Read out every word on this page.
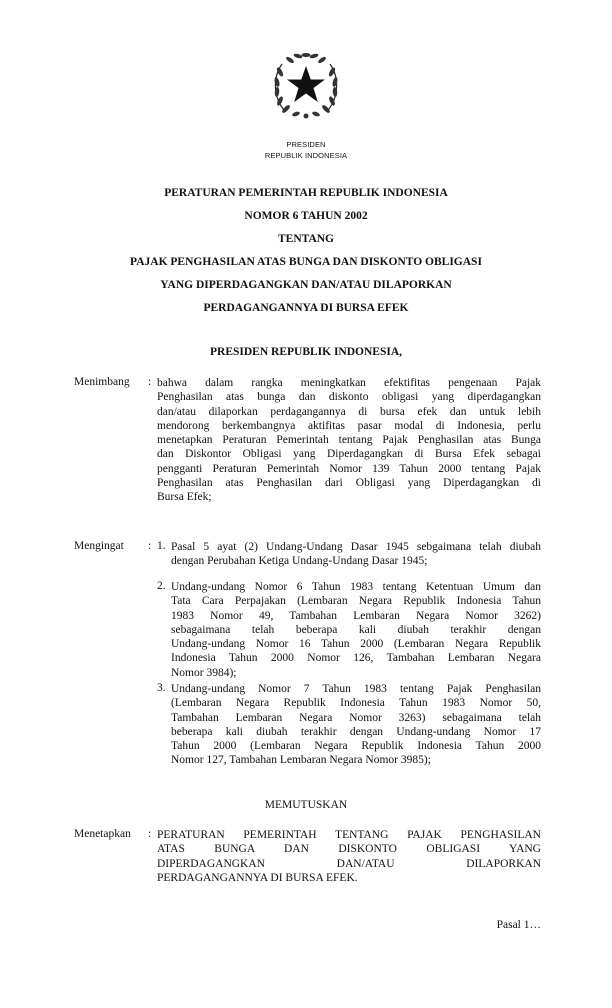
PRESIDEN
REPUBLIK INDONESIA
PERATURAN PEMERINTAH REPUBLIK INDONESIA
NOMOR 6 TAHUN 2002
TENTANG
PAJAK PENGHASILAN ATAS BUNGA DAN DISKONTO OBLIGASI
YANG DIPERDAGANGKAN DAN/ATAU DILAPORKAN
PERDAGANGANNYA DI BURSA EFEK
PRESIDEN REPUBLIK INDONESIA,
Menimbang : bahwa dalam rangka meningkatkan efektifitas pengenaan Pajak
Penghasilan atas bunga dan diskonto obligasi yang diperdagangkan
dan/atau dilaporkan perdagangannya di bursa efek dan untuk lebih
mendorong berkembangnya aktifitas pasar modal di Indonesia, perlu
menetapkan Peraturan Pemerintah tentang Pajak Penghasilan atas Bunga
dan Diskontor Obligasi yang Diperdagangkan di Bursa Efek sebagai
pengganti Peraturan Pemerintah Nomor 139 Tahun 2000 tentang Pajak
Penghasilan atas Penghasilan dari Obligasi yang Diperdagangkan di
Bursa Efek;
Mengingat : 1. Pasal 5 ayat (2) Undang-Undang Dasar 1945 sebgaimana telah diubah
dengan Perubahan Ketiga Undang-Undang Dasar 1945;
2. Undang-undang Nomor 6 Tahun 1983 tentang Ketentuan Umum dan
Tata Cara Perpajakan (Lembaran Negara Republik Indonesia Tahun
1983 Nomor 49, Tambahan Lembaran Negara Nomor 3262)
sebagaimana telah beberapa kali diubah terakhir dengan
Undang-undang Nomor 16 Tahun 2000 (Lembaran Negara Republik
Indonesia Tahun 2000 Nomor 126, Tambahan Lembaran Negara
Nomor 3984);
3. Undang-undang Nomor 7 Tahun 1983 tentang Pajak Penghasilan
(Lembaran Negara Republik Indonesia Tahun 1983 Nomor 50,
Tambahan Lembaran Negara Nomor 3263) sebagaimana telah
beberapa kali diubah terakhir dengan Undang-undang Nomor 17
Tahun 2000 (Lembaran Negara Republik Indonesia Tahun 2000
Nomor 127, Tambahan Lembaran Negara Nomor 3985);
MEMUTUSKAN
Menetapkan : PERATURAN PEMERINTAH TENTANG PAJAK PENGHASILAN
ATAS BUNGA DAN DISKONTO OBLIGASI YANG
DIPERDAGANGKAN DAN/ATAU DILAPORKAN
PERDAGANGANNYA DI BURSA EFEK.
Pasal 1…
